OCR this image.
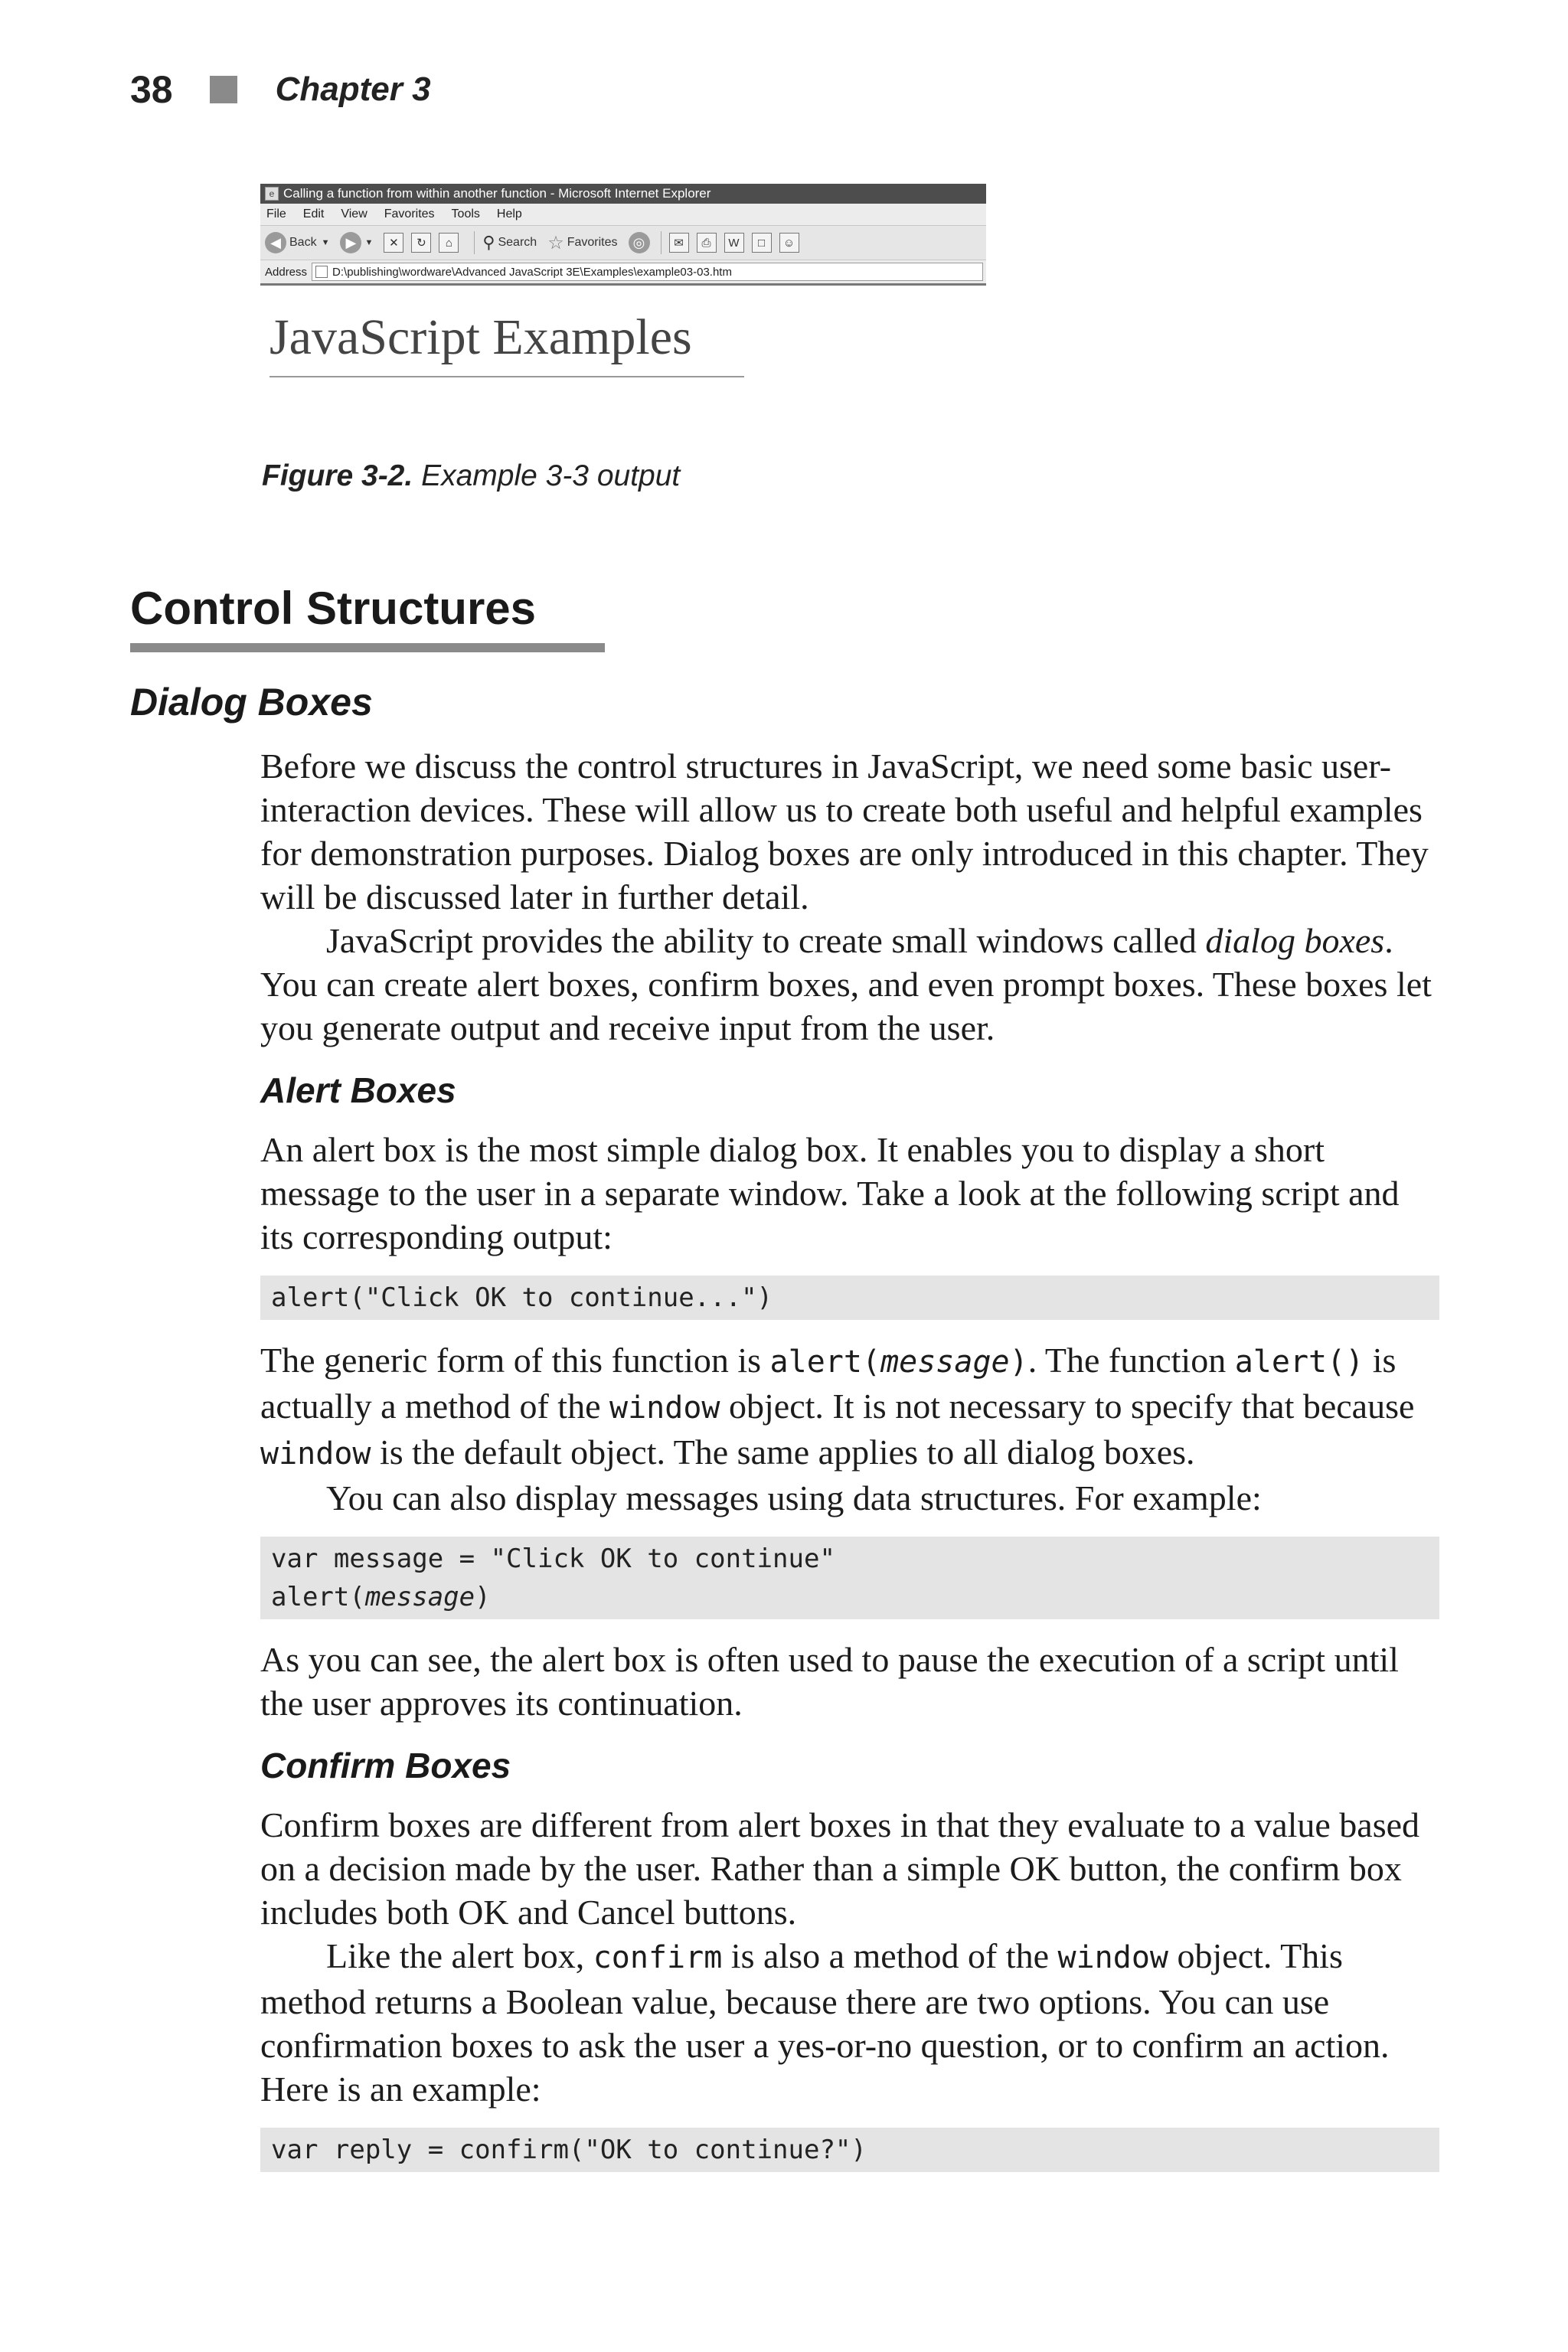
38	Chapter 3
e Calling a function from within another function - Microsoft Internet Explorer
File Edit View Favorites Tools Help
◀ Back ▼	▶	▼	✕	↻	⌂	⚲ Search ☆ Favorites	◎	✉	⎙	W	□	☺
Address D:\publishing\wordware\Advanced JavaScript 3E\Examples\example03-03.htm
JavaScript Examples
Figure 3-2. Example 3-3 output
Control Structures
Dialog Boxes

Before we discuss the control structures in JavaScript, we need some basic user-interaction devices. These will allow us to create both useful and helpful examples for demonstration purposes. Dialog boxes are only introduced in this chapter. They will be discussed later in further detail.

JavaScript provides the ability to create small windows called dialog boxes. You can create alert boxes, confirm boxes, and even prompt boxes. These boxes let you generate output and receive input from the user.

Alert Boxes

An alert box is the most simple dialog box. It enables you to display a short message to the user in a separate window. Take a look at the following script and its corresponding output:

alert("Click OK to continue...")

The generic form of this function is alert(message). The function alert() is actually a method of the window object. It is not necessary to specify that because window is the default object. The same applies to all dialog boxes.

You can also display messages using data structures. For example:

var message = "Click OK to continue"
alert(message)

As you can see, the alert box is often used to pause the execution of a script until the user approves its continuation.

Confirm Boxes

Confirm boxes are different from alert boxes in that they evaluate to a value based on a decision made by the user. Rather than a simple OK button, the confirm box includes both OK and Cancel buttons.

Like the alert box, confirm is also a method of the window object. This method returns a Boolean value, because there are two options. You can use confirmation boxes to ask the user a yes-or-no question, or to confirm an action. Here is an example:

var reply = confirm("OK to continue?")
